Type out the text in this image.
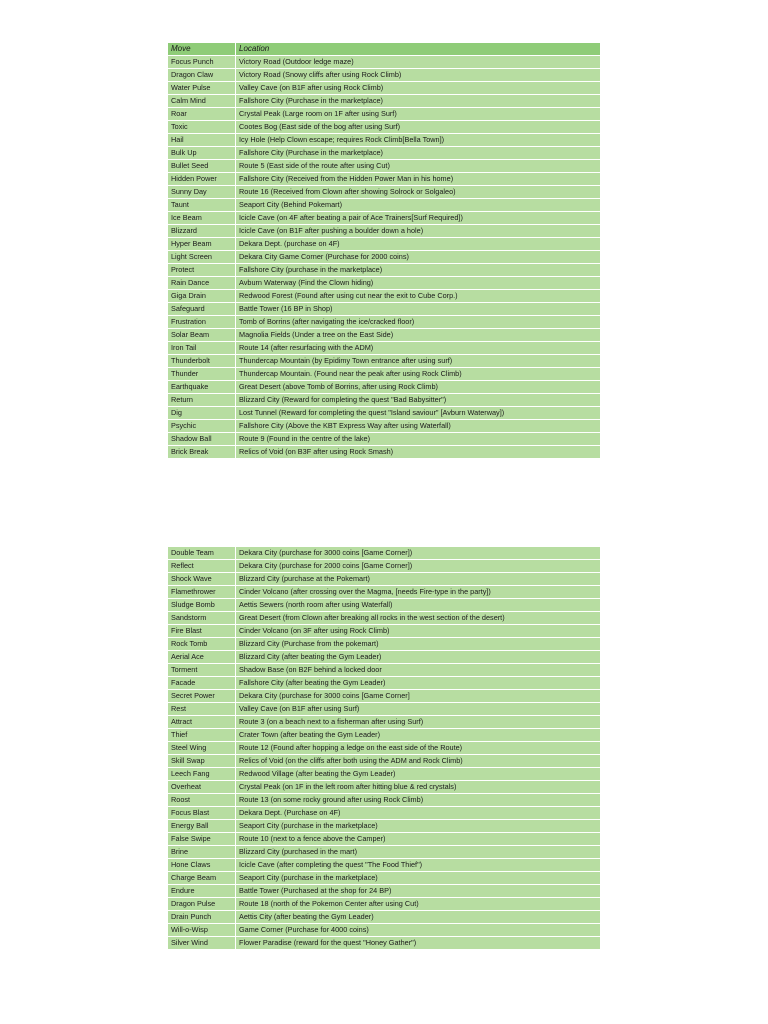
Move	Location
Focus Punch	Victory Road (Outdoor ledge maze)
Dragon Claw	Victory Road (Snowy cliffs after using Rock Climb)
Water Pulse	Valley Cave (on B1F after using Rock Climb)
Calm Mind	Fallshore City (Purchase in the marketplace)
Roar	Crystal Peak (Large room on 1F after using Surf)
Toxic	Cootes Bog (East side of the bog after using Surf)
Hail	Icy Hole (Help Clown escape; requires Rock Climb[Bella Town])
Bulk Up	Fallshore City (Purchase in the marketplace)
Bullet Seed	Route 5 (East side of the route after using Cut)
Hidden Power	Fallshore City (Received from the Hidden Power Man in his home)
Sunny Day	Route 16 (Received from Clown after showing Solrock or Solgaleo)
Taunt	Seaport City (Behind Pokemart)
Ice Beam	Icicle Cave (on 4F after beating a pair of Ace Trainers[Surf Required])
Blizzard	Icicle Cave (on B1F after pushing a boulder down a hole)
Hyper Beam	Dekara Dept. (purchase on 4F)
Light Screen	Dekara City Game Corner (Purchase for 2000 coins)
Protect	Fallshore City (purchase in the marketplace)
Rain Dance	Avburn Waterway (Find the Clown hiding)
Giga Drain	Redwood Forest (Found after using cut near the exit to Cube Corp.)
Safeguard	Battle Tower (16 BP in Shop)
Frustration	Tomb of Borrins (after navigating the ice/cracked floor)
Solar Beam	Magnolia Fields (Under a tree on the East Side)
Iron Tail	Route 14 (after resurfacing with the ADM)
Thunderbolt	Thundercap Mountain (by Epidimy Town entrance after using surf)
Thunder	Thundercap Mountain. (Found near the peak after using Rock Climb)
Earthquake	Great Desert (above Tomb of Borrins, after using Rock Climb)
Return	Blizzard City (Reward for completing the quest "Bad Babysitter")
Dig	Lost Tunnel (Reward for completing the quest "Island saviour" [Avburn Waterway])
Psychic	Fallshore City (Above the KBT Express Way after using Waterfall)
Shadow Ball	Route 9 (Found in the centre of the lake)
Brick Break	Relics of Void (on B3F after using Rock Smash)
Double Team	Dekara City (purchase for 3000 coins [Game Corner])
Reflect	Dekara City (purchase for 2000 coins [Game Corner])
Shock Wave	Blizzard City (purchase at the Pokemart)
Flamethrower	Cinder Volcano (after crossing over the Magma, [needs Fire-type in the party])
Sludge Bomb	Aettis Sewers (north room after using Waterfall)
Sandstorm	Great Desert (from Clown after breaking all rocks in the west section of the desert)
Fire Blast	Cinder Volcano (on 3F after using Rock Climb)
Rock Tomb	Blizzard City (Purchase from the pokemart)
Aerial Ace	Blizzard City (after beating the Gym Leader)
Torment	Shadow Base (on B2F behind a locked door
Facade	Fallshore City (after beating the Gym Leader)
Secret Power	Dekara City (purchase for 3000 coins [Game Corner]
Rest	Valley Cave (on B1F after using Surf)
Attract	Route 3 (on a beach next to a fisherman after using Surf)
Thief	Crater Town (after beating the Gym Leader)
Steel Wing	Route 12 (Found after hopping a ledge on the east side of the Route)
Skill Swap	Relics of Void (on the cliffs after both using the ADM and Rock Climb)
Leech Fang	Redwood Village (after beating the Gym Leader)
Overheat	Crystal Peak (on 1F in the left room after hitting blue & red crystals)
Roost	Route 13 (on some rocky ground after using Rock Climb)
Focus Blast	Dekara Dept. (Purchase on 4F)
Energy Ball	Seaport City (purchase in the marketplace)
False Swipe	Route 10 (next to a fence above the Camper)
Brine	Blizzard City (purchased in the mart)
Hone Claws	Icicle Cave (after completing the quest "The Food Thief")
Charge Beam	Seaport City (purchase in the marketplace)
Endure	Battle Tower (Purchased at the shop for 24 BP)
Dragon Pulse	Route 18 (north of the Pokemon Center after using Cut)
Drain Punch	Aettis City (after beating the Gym Leader)
Will-o-Wisp	Game Corner (Purchase for 4000 coins)
Silver Wind	Flower Paradise (reward for the quest "Honey Gather")
